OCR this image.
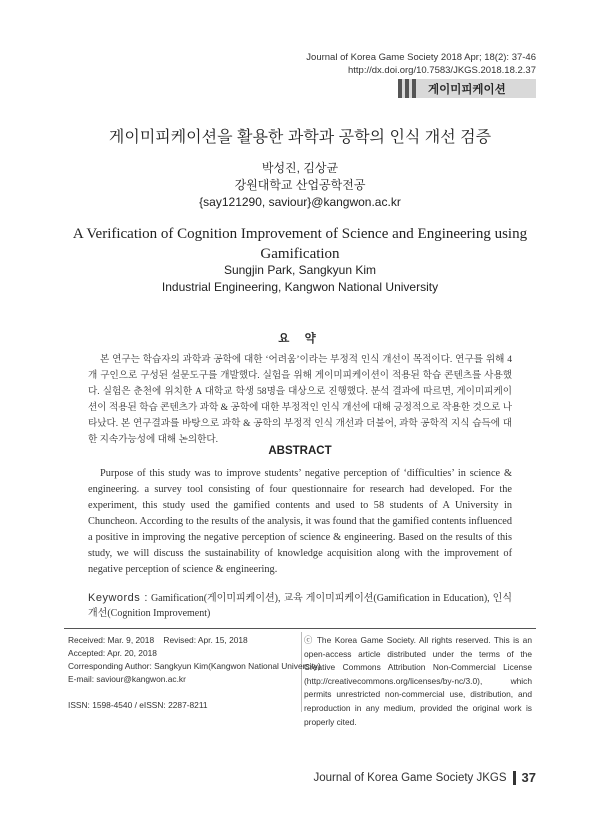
Journal of Korea Game Society 2018 Apr; 18(2): 37-46
http://dx.doi.org/10.7583/JKGS.2018.18.2.37
게이미피케이션
게이미피케이션을 활용한 과학과 공학의 인식 개선 검증
박성진, 김상균
강원대학교 산업공학전공
{say121290, saviour}@kangwon.ac.kr
A Verification of Cognition Improvement of Science and Engineering using Gamification
Sungjin Park, Sangkyun Kim
Industrial Engineering, Kangwon National University
요 약
본 연구는 학습자의 과학과 공학에 대한 ‘어려움’이라는 부정적 인식 개선이 목적이다. 연구를 위해 4개 구인으로 구성된 설문도구를 개발했다. 실험을 위해 게이미피케이션이 적용된 학습 콘텐츠를 사용했다. 실험은 춘천에 위치한 A 대학교 학생 58명을 대상으로 진행했다. 분석 결과에 따르면, 게이미피케이션이 적용된 학습 콘텐츠가 과학 & 공학에 대한 부정적인 인식 개선에 대해 긍정적으로 작용한 것으로 나타났다. 본 연구결과를 바탕으로 과학 & 공학의 부정적 인식 개선과 더불어, 과학 공학적 지식 습득에 대한 지속가능성에 대해 논의한다.
ABSTRACT
Purpose of this study was to improve students’ negative perception of ‘difficulties’ in science & engineering. a survey tool consisting of four questionnaire for research had developed. For the experiment, this study used the gamified contents and used to 58 students of A University in Chuncheon. According to the results of the analysis, it was found that the gamified contents influenced a positive in improving the negative perception of science & engineering. Based on the results of this study, we will discuss the sustainability of knowledge acquisition along with the improvement of negative perception of science & engineering.
Keywords : Gamification(게이미피케이션), 교육 게이미피케이션(Gamification in Education), 인식 개선(Cognition Improvement)
Received: Mar. 9, 2018    Revised: Apr. 15, 2018
Accepted: Apr. 20, 2018
Corresponding Author: Sangkyun Kim(Kangwon National University)
E-mail: saviour@kangwon.ac.kr
ISSN: 1598-4540 / eISSN: 2287-8211
ⓒ The Korea Game Society. All rights reserved. This is an open-access article distributed under the terms of the Creative Commons Attribution Non-Commercial License (http://creativecommons.org/licenses/by-nc/3.0), which permits unrestricted non-commercial use, distribution, and reproduction in any medium, provided the original work is properly cited.
Journal of Korea Game Society JKGS 37
